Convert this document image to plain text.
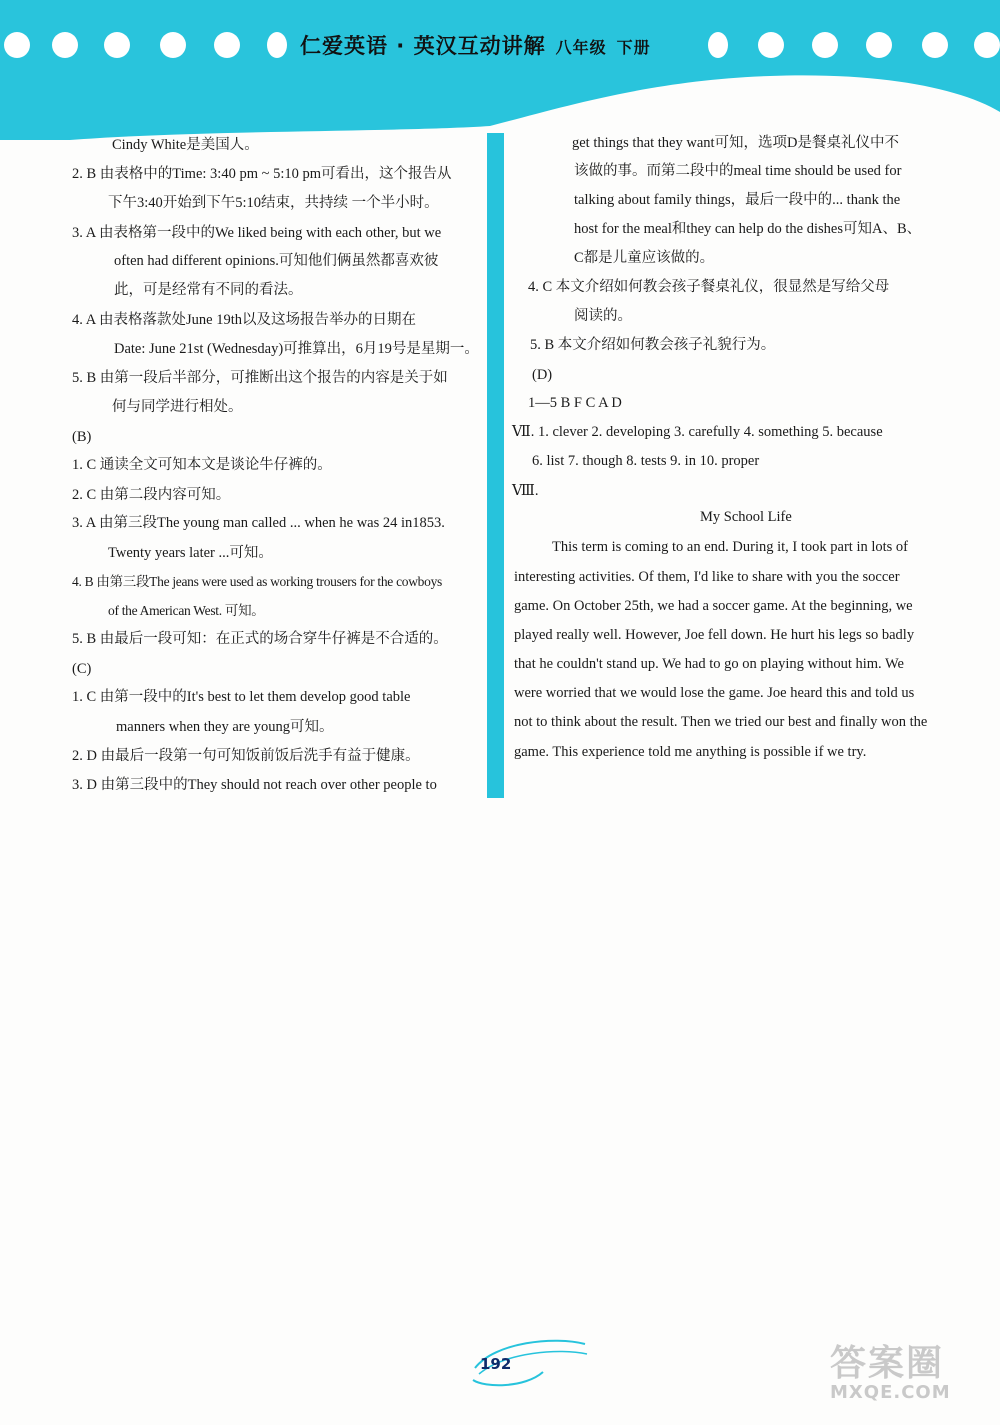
仁爱英语 · 英汉互动讲解 八年级 下册
Cindy White是美国人。
2. B 由表格中的Time: 3:40 pm ~ 5:10 pm可看出，这个报告从
下午3:40开始到下午5:10结束，共持续 一个半小时。
3. A 由表格第一段中的We liked being with each other, but we
often had different opinions.可知他们俩虽然都喜欢彼
此，可是经常有不同的看法。
4. A 由表格落款处June 19th以及这场报告举办的日期在
Date: June 21st (Wednesday)可推算出，6月19号是星期一。
5. B 由第一段后半部分，可推断出这个报告的内容是关于如
何与同学进行相处。
(B)
1. C 通读全文可知本文是谈论牛仔裤的。
2. C 由第二段内容可知。
3. A 由第三段The young man called ... when he was 24 in1853.
Twenty years later ...可知。
4. B 由第三段The jeans were used as working trousers for the cowboys
of the American West. 可知。
5. B 由最后一段可知：在正式的场合穿牛仔裤是不合适的。
(C)
1. C 由第一段中的It's best to let them develop good table
manners when they are young可知。
2. D 由最后一段第一句可知饭前饭后洗手有益于健康。
3. D 由第三段中的They should not reach over other people to
get things that they want可知，选项D是餐桌礼仪中不
该做的事。而第二段中的meal time should be used for
talking about family things，最后一段中的... thank the
host for the meal和they can help do the dishes可知A、B、
C都是儿童应该做的。
4. C 本文介绍如何教会孩子餐桌礼仪，很显然是写给父母
阅读的。
5. B 本文介绍如何教会孩子礼貌行为。
(D)
1—5 B F C A D
Ⅶ. 1. clever 2. developing 3. carefully 4. something 5. because
6. list 7. though 8. tests 9. in 10. proper
Ⅷ.
My School Life
This term is coming to an end. During it, I took part in lots of
interesting activities. Of them, I'd like to share with you the soccer
game. On October 25th, we had a soccer game. At the beginning, we
played really well. However, Joe fell down. He hurt his legs so badly
that he couldn't stand up. We had to go on playing without him. We
were worried that we would lose the game. Joe heard this and told us
not to think about the result. Then we tried our best and finally won the
game. This experience told me anything is possible if we try.
192	答案圈
MXQE.COM
